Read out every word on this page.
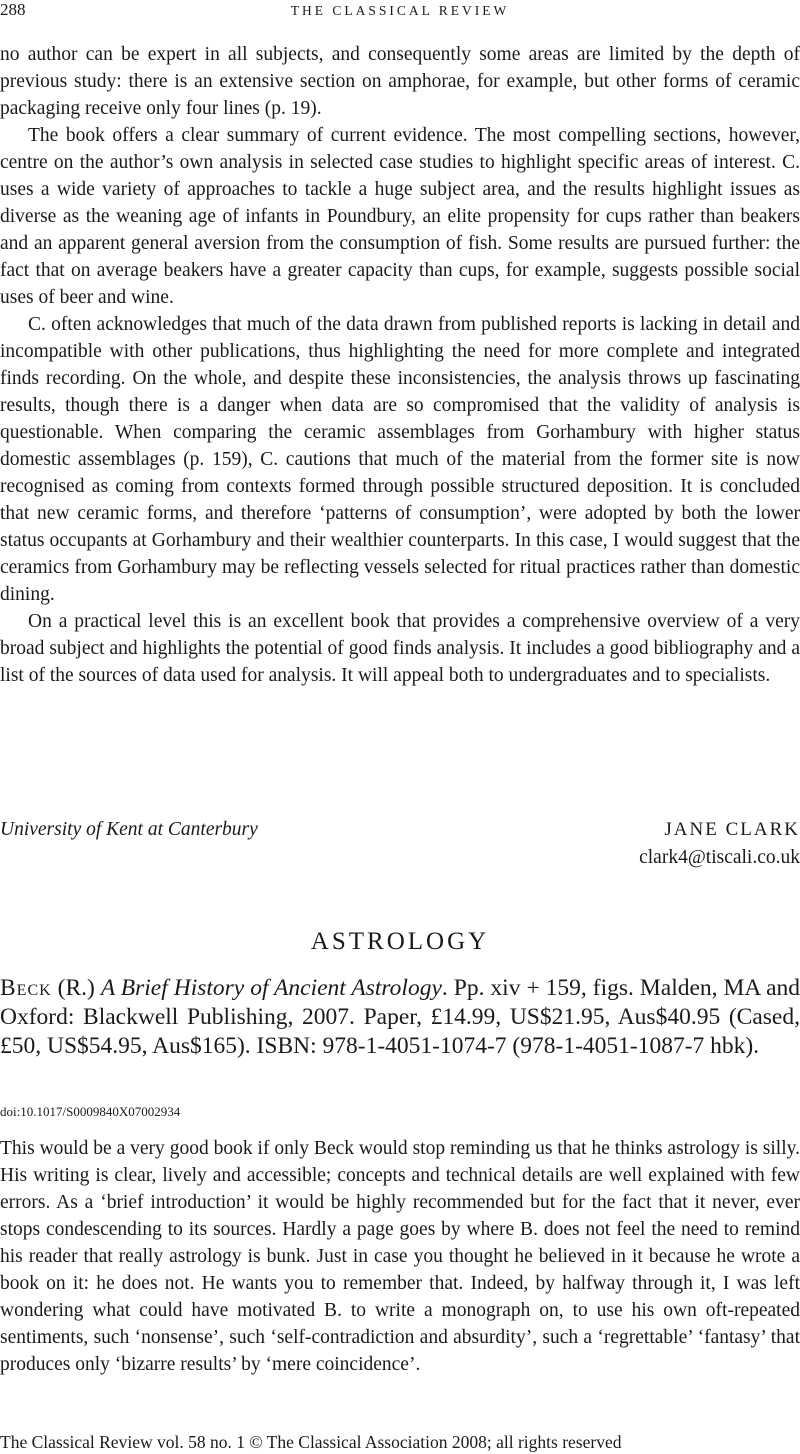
288	THE CLASSICAL REVIEW

no author can be expert in all subjects, and consequently some areas are limited by the depth of previous study: there is an extensive section on amphorae, for example, but other forms of ceramic packaging receive only four lines (p. 19).

The book offers a clear summary of current evidence. The most compelling sections, however, centre on the author’s own analysis in selected case studies to highlight specific areas of interest. C. uses a wide variety of approaches to tackle a huge subject area, and the results highlight issues as diverse as the weaning age of infants in Poundbury, an elite propensity for cups rather than beakers and an apparent general aversion from the consumption of fish. Some results are pursued further: the fact that on average beakers have a greater capacity than cups, for example, suggests possible social uses of beer and wine.

C. often acknowledges that much of the data drawn from published reports is lacking in detail and incompatible with other publications, thus highlighting the need for more complete and integrated finds recording. On the whole, and despite these inconsistencies, the analysis throws up fascinating results, though there is a danger when data are so compromised that the validity of analysis is questionable. When comparing the ceramic assemblages from Gorhambury with higher status domestic assemblages (p. 159), C. cautions that much of the material from the former site is now recognised as coming from contexts formed through possible structured deposition. It is concluded that new ceramic forms, and therefore ‘patterns of consumption’, were adopted by both the lower status occupants at Gorhambury and their wealthier counterparts. In this case, I would suggest that the ceramics from Gorhambury may be reflecting vessels selected for ritual practices rather than domestic dining.

On a practical level this is an excellent book that provides a comprehensive overview of a very broad subject and highlights the potential of good finds analysis. It includes a good bibliography and a list of the sources of data used for analysis. It will appeal both to undergraduates and to specialists.

University of Kent at Canterbury	JANE CLARK
clark4@tiscali.co.uk
ASTROLOGY

Beck (R.) A Brief History of Ancient Astrology. Pp. xiv + 159, figs. Malden, MA and Oxford: Blackwell Publishing, 2007. Paper, £14.99, US$21.95, Aus$40.95 (Cased, £50, US$54.95, Aus$165). ISBN: 978-1-4051-1074-7 (978-1-4051-1087-7 hbk).

doi:10.1017/S0009840X07002934

This would be a very good book if only Beck would stop reminding us that he thinks astrology is silly. His writing is clear, lively and accessible; concepts and technical details are well explained with few errors. As a ‘brief introduction’ it would be highly recommended but for the fact that it never, ever stops condescending to its sources. Hardly a page goes by where B. does not feel the need to remind his reader that really astrology is bunk. Just in case you thought he believed in it because he wrote a book on it: he does not. He wants you to remember that. Indeed, by halfway through it, I was left wondering what could have motivated B. to write a monograph on, to use his own oft-repeated sentiments, such ‘nonsense’, such ‘self-contradiction and absurdity’, such a ‘regrettable’ ‘fantasy’ that produces only ‘bizarre results’ by ‘mere coincidence’.

The Classical Review vol. 58 no. 1 © The Classical Association 2008; all rights reserved
